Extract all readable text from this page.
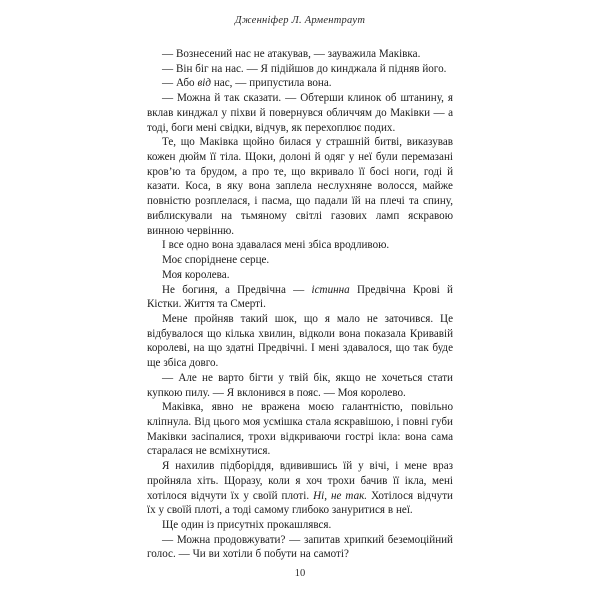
Дженніфер Л. Арментраут

— Вознесений нас не атакував, — зауважила Маківка.

— Він біг на нас. — Я підійшов до кинджала й підняв його.

— Або від нас, — припустила вона.

— Можна й так сказати. — Обтерши клинок об штанину, я вклав кинджал у піхви й повернувся обличчям до Маківки — а тоді, боги мені свідки, відчув, як перехоплює подих.

Те, що Маківка щойно билася у страшній битві, виказував кожен дюйм її тіла. Щоки, долоні й одяг у неї були перемазані кров’ю та брудом, а про те, що вкривало її босі ноги, годі й казати. Коса, в яку вона заплела неслухняне волосся, майже повністю розплелася, і пасма, що падали їй на плечі та спину, виблискували на тьмяному світлі газових ламп яскравою винною червінню.

І все одно вона здавалася мені збіса вродливою.

Моє споріднене серце.

Моя королева.

Не богиня, а Предвічна — істинна Предвічна Крові й Кістки. Життя та Смерті.

Мене пройняв такий шок, що я мало не заточився. Це відбувалося що кілька хвилин, відколи вона показала Кривавій королеві, на що здатні Предвічні. І мені здавалося, що так буде ще збіса довго.

— Але не варто бігти у твій бік, якщо не хочеться стати купкою пилу. — Я вклонився в пояс. — Моя королево.

Маківка, явно не вражена моєю галантністю, повільно кліпнула. Від цього моя усмішка стала яскравішою, і повні губи Маківки засіпалися, трохи відкриваючи гострі ікла: вона сама старалася не всміхнутися.

Я нахилив підборіддя, вдивившись їй у вічі, і мене враз пройняла хіть. Щоразу, коли я хоч трохи бачив її ікла, мені хотілося відчути їх у своїй плоті. Ні, не так. Хотілося відчути їх у своїй плоті, а тоді самому глибоко зануритися в неї.

Ще один із присутніх прокашлявся.

— Можна продовжувати? — запитав хрипкий беземоційний голос. — Чи ви хотіли б побути на самоті?

10
